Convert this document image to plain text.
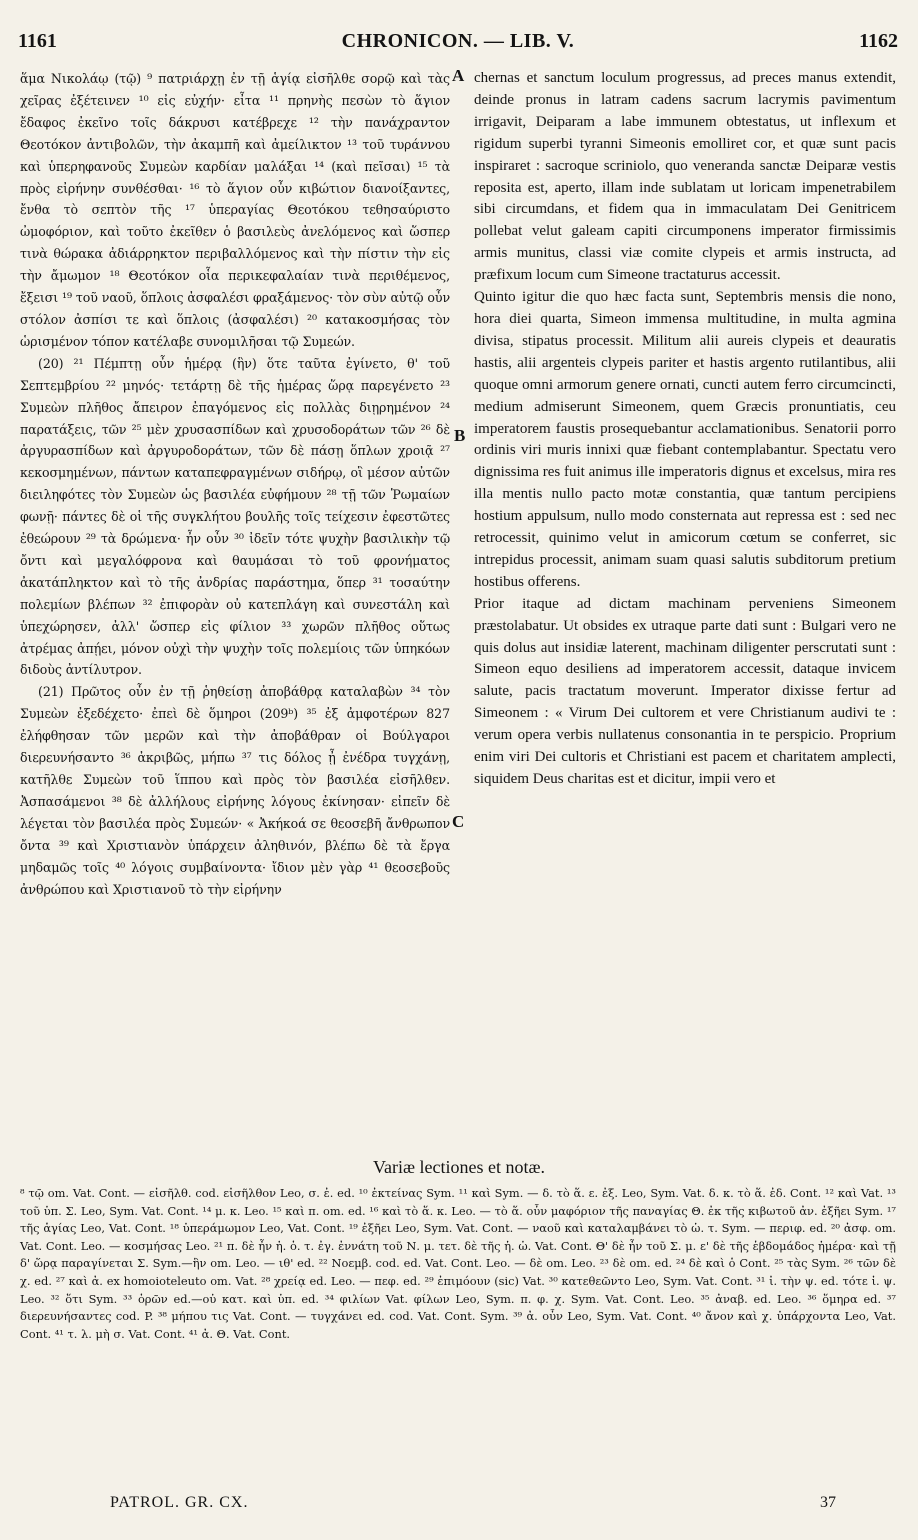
1161	CHRONICON. — LIB. V.	1162

ἅμα Νικολάῳ (τῷ) ⁹ πατριάρχῃ ἐν τῇ ἁγίᾳ εἰσῆλθε σορῷ καὶ τὰς χεῖρας ἐξέτεινεν ¹⁰ εἰς εὐχήν· εἶτα ¹¹ πρηνὴς πεσὼν τὸ ἅγιον ἔδαφος ἐκεῖνο τοῖς δάκρυσι κατέβρεχε ¹² τὴν πανάχραντον Θεοτόκον ἀντιβολῶν, τὴν ἀκαμπῆ καὶ ἀμείλικτον ¹³ τοῦ τυράννου καὶ ὑπερηφανοῦς Συμεὼν καρδίαν μαλάξαι ¹⁴ (καὶ πεῖσαι) ¹⁵ τὰ πρὸς εἰρήνην συνθέσθαι· ¹⁶ τὸ ἅγιον οὖν κιβώτιον διανοίξαντες, ἔνθα τὸ σεπτὸν τῆς ¹⁷ ὑπεραγίας Θεοτόκου τεθησαύριστο ὠμοφόριον, καὶ τοῦτο ἐκεῖθεν ὁ βασιλεὺς ἀνελόμενος καὶ ὥσπερ τινὰ θώρακα ἀδιάρρηκτον περιβαλλόμενος καὶ τὴν πίστιν τὴν εἰς τὴν ἄμωμον ¹⁸ Θεοτόκον οἷα περικεφαλαίαν τινὰ περιθέμενος, ἔξεισι ¹⁹ τοῦ ναοῦ, ὅπλοις ἀσφαλέσι φραξάμενος· τὸν σὺν αὐτῷ οὖν στόλον ἀσπίσι τε καὶ ὅπλοις (ἀσφαλέσι) ²⁰ κατακοσμήσας τὸν ὡρισμένον τόπον κατέλαβε συνομιλῆσαι τῷ Συμεών.

(20) ²¹ Πέμπτῃ οὖν ἡμέρᾳ (ἣν) ὅτε ταῦτα ἐγίνετο, θ' τοῦ Σεπτεμβρίου ²² μηνός· τετάρτῃ δὲ τῆς ἡμέρας ὥρᾳ παρεγένετο ²³ Συμεὼν πλῆθος ἄπειρον ἐπαγόμενος εἰς πολλὰς διῃρημένον ²⁴ παρατάξεις, τῶν ²⁵ μὲν χρυσασπίδων καὶ χρυσοδοράτων τῶν ²⁶ δὲ ἀργυρασπίδων καὶ ἀργυροδοράτων, τῶν δὲ πάσῃ ὅπλων χροιᾷ ²⁷ κεκοσμημένων, πάντων καταπεφραγμένων σιδήρῳ, οἳ μέσον αὐτῶν διειληφότες τὸν Συμεὼν ὡς βασιλέα εὐφήμουν ²⁸ τῇ τῶν Ῥωμαίων φωνῇ· πάντες δὲ οἱ τῆς συγκλήτου βουλῆς τοῖς τείχεσιν ἐφεστῶτες ἐθεώρουν ²⁹ τὰ δρώμενα· ἦν οὖν ³⁰ ἰδεῖν τότε ψυχὴν βασιλικὴν τῷ ὄντι καὶ μεγαλόφρονα καὶ θαυμάσαι τὸ τοῦ φρονήματος ἀκατάπληκτον καὶ τὸ τῆς ἀνδρίας παράστημα, ὅπερ ³¹ τοσαύτην πολεμίων βλέπων ³² ἐπιφορὰν οὐ κατεπλάγη καὶ συνεστάλη καὶ ὑπεχώρησεν, ἀλλ' ὥσπερ εἰς φίλιον ³³ χωρῶν πλῆθος οὕτως ἀτρέμας ἀπῄει, μόνον οὐχὶ τὴν ψυχὴν τοῖς πολεμίοις τῶν ὑπηκόων διδοὺς ἀντίλυτρον.

(21) Πρῶτος οὖν ἐν τῇ ῥηθείσῃ ἀποβάθρᾳ καταλαβὼν ³⁴ τὸν Συμεὼν ἐξεδέχετο· ἐπεὶ δὲ ὅμηροι (209ᵇ) ³⁵ ἐξ ἀμφοτέρων 827 ἐλήφθησαν τῶν μερῶν καὶ τὴν ἀποβάθραν οἱ Βούλγαροι διερευνήσαντο ³⁶ ἀκριβῶς, μήπω ³⁷ τις δόλος ᾖ ἐνέδρα τυγχάνῃ, κατῆλθε Συμεὼν τοῦ ἵππου καὶ πρὸς τὸν βασιλέα εἰσῆλθεν. Ἀσπασάμενοι ³⁸ δὲ ἀλλήλους εἰρήνης λόγους ἐκίνησαν· εἰπεῖν δὲ λέγεται τὸν βασιλέα πρὸς Συμεών· « Ἀκήκοά σε θεοσεβῆ ἄνθρωπον ὄντα ³⁹ καὶ Χριστιανὸν ὑπάρχειν ἀληθινόν, βλέπω δὲ τὰ ἔργα μηδαμῶς τοῖς ⁴⁰ λόγοις συμβαίνοντα· ἴδιον μὲν γὰρ ⁴¹ θεοσεβοῦς ἀνθρώπου καὶ Χριστιανοῦ τὸ τὴν εἰρήνην

chernas et sanctum loculum progressus, ad preces manus extendit, deinde pronus in latram cadens sacrum lacrymis pavimentum irrigavit, Deiparam a labe immunem obtestatus, ut inflexum et rigidum superbi tyranni Simeonis emolliret cor, et quæ sunt pacis inspiraret : sacroque scriniolo, quo veneranda sanctæ Deiparæ vestis reposita est, aperto, illam inde sublatam ut loricam impenetrabilem sibi circumdans, et fidem qua in immaculatam Dei Genitricem pollebat velut galeam capiti circumponens imperator firmissimis armis munitus, classi viæ comite clypeis et armis instructa, ad præfixum locum cum Simeone tractaturus accessit.

Quinto igitur die quo hæc facta sunt, Septembris mensis die nono, hora diei quarta, Simeon immensa multitudine, in multa agmina divisa, stipatus processit. Militum alii aureis clypeis et deauratis hastis, alii argenteis clypeis pariter et hastis argento rutilantibus, alii quoque omni armorum genere ornati, cuncti autem ferro circumcincti, medium admiserunt Simeonem, quem Græcis pronuntiatis, ceu imperatorem faustis prosequebantur acclamationibus. Senatorii porro ordinis viri muris innixi quæ fiebant contemplabantur. Spectatu vero dignissima res fuit animus ille imperatoris dignus et excelsus, mira res illa mentis nullo pacto motæ constantia, quæ tantum percipiens hostium appulsum, nullo modo consternata aut repressa est : sed nec retrocessit, quinimo velut in amicorum cœtum se conferret, sic intrepidus processit, animam suam quasi salutis subditorum pretium hostibus offerens.

Prior itaque ad dictam machinam perveniens Simeonem præstolabatur. Ut obsides ex utraque parte dati sunt : Bulgari vero ne quis dolus aut insidiæ laterent, machinam diligenter perscrutati sunt : Simeon equo desiliens ad imperatorem accessit, dataque invicem salute, pacis tractatum moverunt. Imperator dixisse fertur ad Simeonem : « Virum Dei cultorem et vere Christianum audivi te : verum opera verbis nullatenus consonantia in te perspicio. Proprium enim viri Dei cultoris et Christiani est pacem et charitatem amplecti, siquidem Deus charitas est et dicitur, impii vero et

A
B
C
Variæ lectiones et notæ.
⁸ τῷ om. Vat. Cont. — εἰσῆλθ. cod. εἰσῆλθον Leo, σ. ἐ. ed. ¹⁰ ἐκτείνας Sym. ¹¹ καὶ Sym. — δ. τὸ ἅ. ε. ἐξ. Leo, Sym. Vat. δ. κ. τὸ ἅ. ἐδ. Cont. ¹² καὶ Vat. ¹³ τοῦ ὑπ. Σ. Leo, Sym. Vat. Cont. ¹⁴ μ. κ. Leo. ¹⁵ καὶ π. om. ed. ¹⁶ καὶ τὸ ἅ. κ. Leo. — τὸ ἅ. οὖν μαφόριον τῆς παναγίας Θ. ἐκ τῆς κιβωτοῦ ἀν. ἐξῆει Sym. ¹⁷ τῆς ἁγίας Leo, Vat. Cont. ¹⁸ ὑπεράμωμον Leo, Vat. Cont. ¹⁹ ἐξῆει Leo, Sym. Vat. Cont. — ναοῦ καὶ καταλαμβάνει τὸ ὡ. τ. Sym. — περιφ. ed. ²⁰ ἀσφ. om. Vat. Cont. Leo. — κοσμήσας Leo. ²¹ π. δὲ ἦν ἡ. ὁ. τ. ἐγ. ἐννάτη τοῦ Ν. μ. τετ. δὲ τῆς ἡ. ὡ. Vat. Cont. Θ' δὲ ἦν τοῦ Σ. μ. ε' δὲ τῆς ἑβδομάδος ἡμέρα· καὶ τῇ δ' ὥρᾳ παραγίνεται Σ. Sym.—ἣν om. Leo. — ιθ' ed. ²² Νοεμβ. cod. ed. Vat. Cont. Leo. — δὲ om. Leo. ²³ δὲ om. ed. ²⁴ δὲ καὶ ὁ Cont. ²⁵ τὰς Sym. ²⁶ τῶν δὲ χ. ed. ²⁷ καὶ ἀ. ex homoioteleuto om. Vat. ²⁸ χρείᾳ ed. Leo. — πεφ. ed. ²⁹ ἐπιμόουν (sic) Vat. ³⁰ κατεθεῶντο Leo, Sym. Vat. Cont. ³¹ ἰ. τὴν ψ. ed. τότε ἰ. ψ. Leo. ³² ὅτι Sym. ³³ ὁρῶν ed.—οὐ κατ. καὶ ὑπ. ed. ³⁴ φιλίων Vat. φίλων Leo, Sym. π. φ. χ. Sym. Vat. Cont. Leo. ³⁵ ἀναβ. ed. Leo. ³⁶ ὅμηρα ed. ³⁷ διερευνήσαντες cod. P. ³⁸ μήπου τις Vat. Cont. — τυγχάνει ed. cod. Vat. Cont. Sym. ³⁹ ἀ. οὖν Leo, Sym. Vat. Cont. ⁴⁰ ἄνον καὶ χ. ὑπάρχοντα Leo, Vat. Cont. ⁴¹ τ. λ. μὴ σ. Vat. Cont. ⁴¹ ἀ. Θ. Vat. Cont.
PATROL. GR. CX.	37
